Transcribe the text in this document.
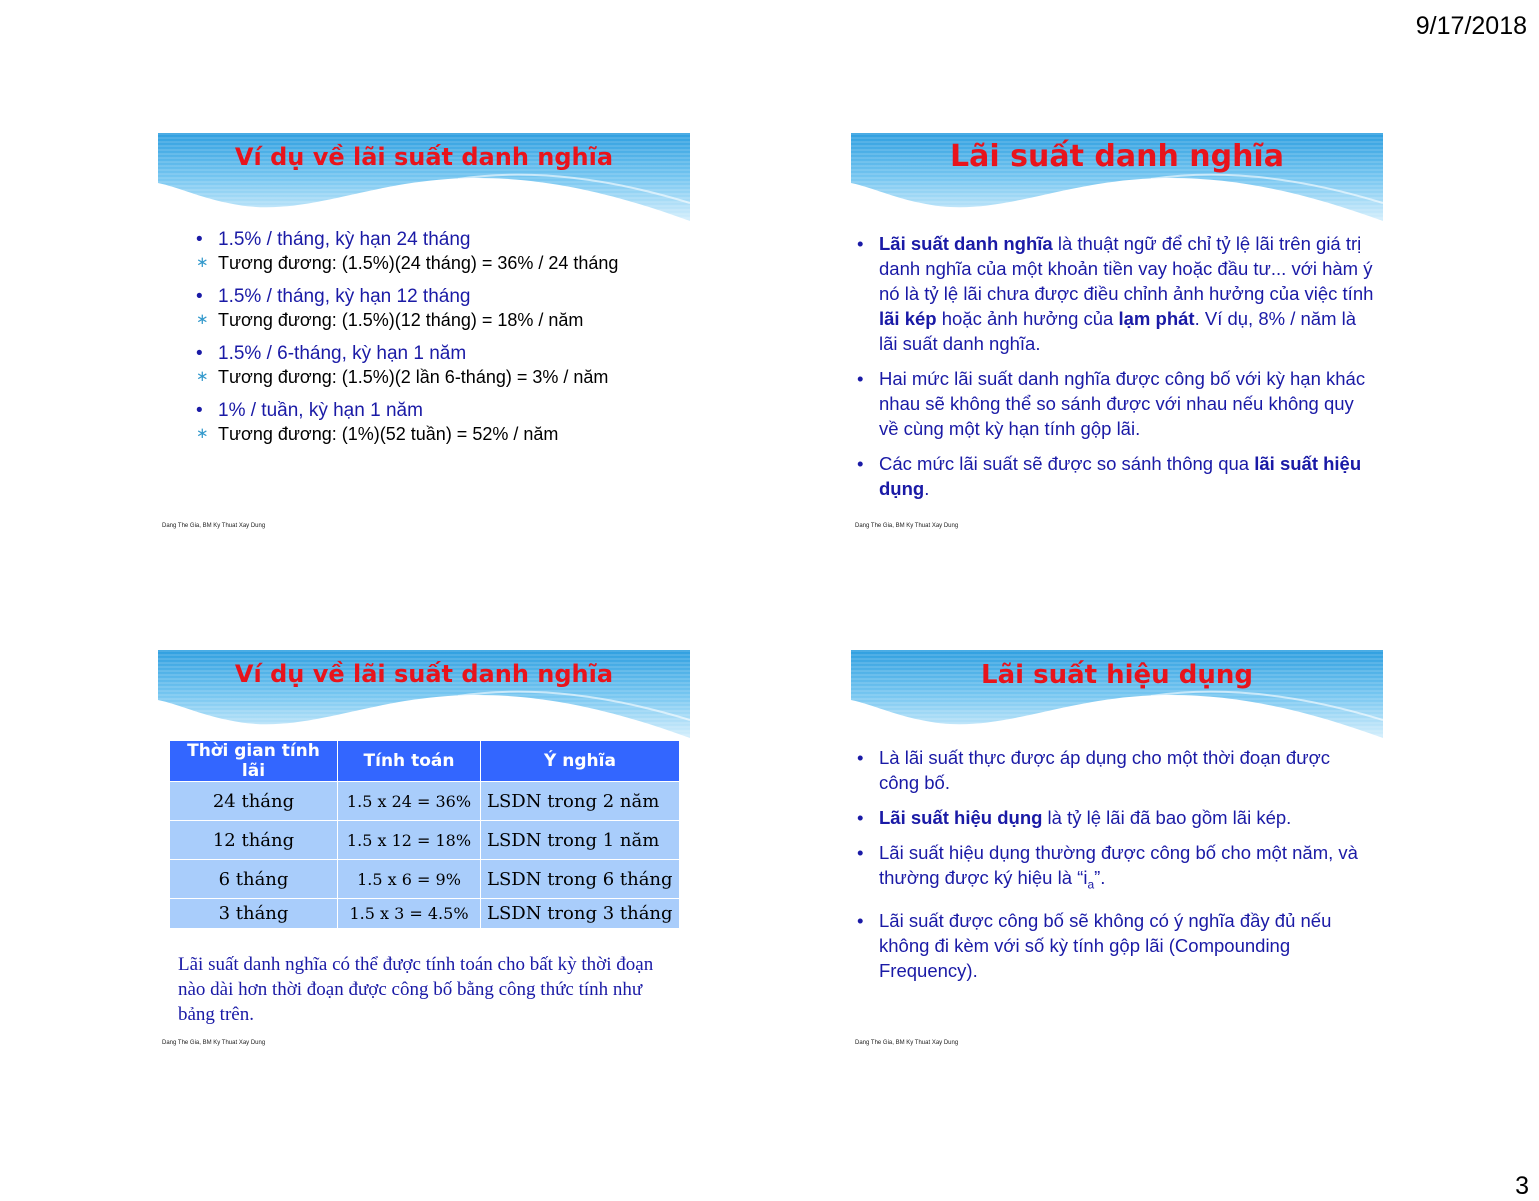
9/17/2018
Ví dụ về lãi suất danh nghĩa
• 1.5% / tháng, kỳ hạn 24 tháng
∗ Tương đương: (1.5%)(24 tháng) = 36% / 24 tháng
• 1.5% / tháng, kỳ hạn 12 tháng
∗ Tương đương: (1.5%)(12 tháng) = 18% / năm
• 1.5% / 6-tháng, kỳ hạn 1 năm
∗ Tương đương: (1.5%)(2 lần 6-tháng) = 3% / năm
• 1% / tuần, kỳ hạn 1 năm
∗ Tương đương: (1%)(52 tuần) = 52% / năm
Dang The Gia, BM Ky Thuat Xay Dung
Lãi suất danh nghĩa
• Lãi suất danh nghĩa là thuật ngữ để chỉ tỷ lệ lãi trên giá trị danh nghĩa của một khoản tiền vay hoặc đầu tư... với hàm ý nó là tỷ lệ lãi chưa được điều chỉnh ảnh hưởng của việc tính lãi kép hoặc ảnh hưởng của lạm phát. Ví dụ, 8% / năm là lãi suất danh nghĩa.
• Hai mức lãi suất danh nghĩa được công bố với kỳ hạn khác nhau sẽ không thể so sánh được với nhau nếu không quy về cùng một kỳ hạn tính gộp lãi.
• Các mức lãi suất sẽ được so sánh thông qua lãi suất hiệu dụng.
Dang The Gia, BM Ky Thuat Xay Dung
Ví dụ về lãi suất danh nghĩa
Thời gian tính lãi	Tính toán	Ý nghĩa
24 tháng	1.5 x 24 = 36%	LSDN trong 2 năm
12 tháng	1.5 x 12 = 18%	LSDN trong 1 năm
6 tháng	1.5 x 6 = 9%	LSDN trong 6 tháng
3 tháng	1.5 x 3 = 4.5%	LSDN trong 3 tháng
Lãi suất danh nghĩa có thể được tính toán cho bất kỳ thời đoạn nào dài hơn thời đoạn được công bố bằng công thức tính như bảng trên.
Dang The Gia, BM Ky Thuat Xay Dung
Lãi suất hiệu dụng
• Là lãi suất thực được áp dụng cho một thời đoạn được công bố.
• Lãi suất hiệu dụng là tỷ lệ lãi đã bao gồm lãi kép.
• Lãi suất hiệu dụng thường được công bố cho một năm, và thường được ký hiệu là “$i_a$”.
• Lãi suất được công bố sẽ không có ý nghĩa đầy đủ nếu không đi kèm với số kỳ tính gộp lãi (Compounding Frequency).
Dang The Gia, BM Ky Thuat Xay Dung
3
